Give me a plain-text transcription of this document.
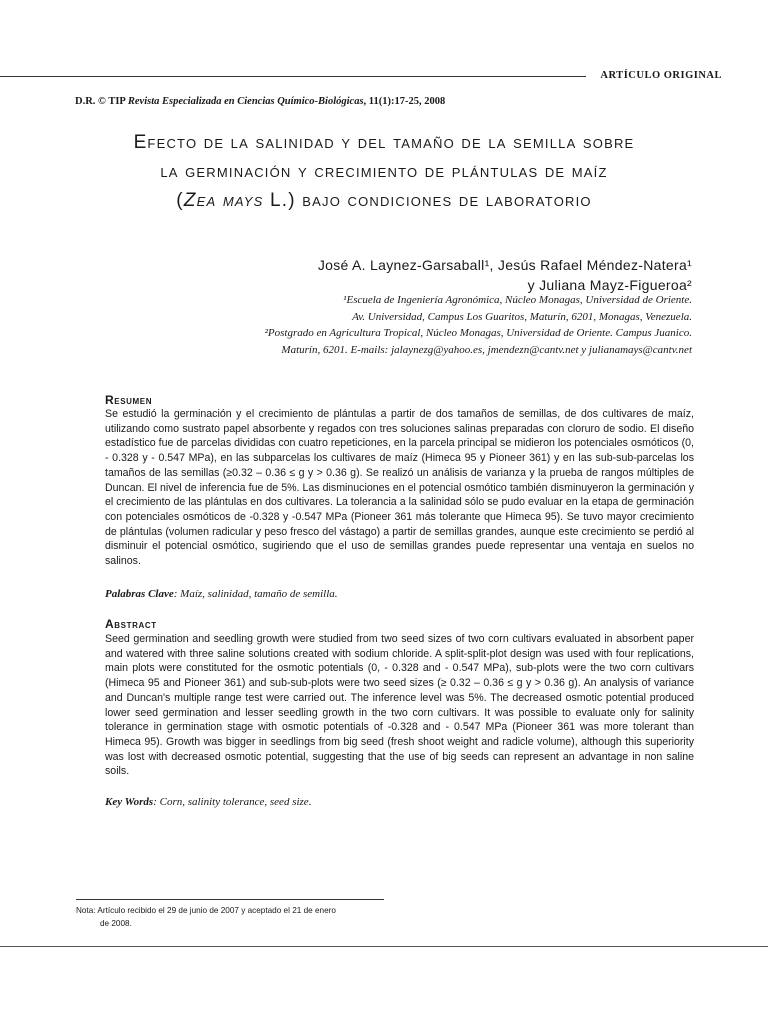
ARTÍCULO ORIGINAL
D.R. © TIP Revista Especializada en Ciencias Químico-Biológicas, 11(1):17-25, 2008
Efecto de la salinidad y del tamaño de la semilla sobre
la germinación y crecimiento de plántulas de maíz
(Zea mays L.) bajo condiciones de laboratorio
José A. Laynez-Garsaball¹, Jesús Rafael Méndez-Natera¹
y Juliana Mayz-Figueroa²
¹Escuela de Ingeniería Agronómica, Núcleo Monagas, Universidad de Oriente.
Av. Universidad, Campus Los Guaritos, Maturín, 6201, Monagas, Venezuela.
²Postgrado en Agricultura Tropical, Núcleo Monagas, Universidad de Oriente. Campus Juanico.
Maturín, 6201. E-mails: jalaynezg@yahoo.es, jmendezn@cantv.net y julianamays@cantv.net
Resumen
Se estudió la germinación y el crecimiento de plántulas a partir de dos tamaños de semillas, de dos cultivares de maíz, utilizando como sustrato papel absorbente y regados con tres soluciones salinas preparadas con cloruro de sodio. El diseño estadístico fue de parcelas divididas con cuatro repeticiones, en la parcela principal se midieron los potenciales osmóticos (0, - 0.328 y - 0.547 MPa), en las subparcelas los cultivares de maíz (Himeca 95 y Pioneer 361) y en las sub-sub-parcelas los tamaños de las semillas (≥0.32 – 0.36 ≤ g y > 0.36 g). Se realizó un análisis de varianza y la prueba de rangos múltiples de Duncan. El nivel de inferencia fue de 5%. Las disminuciones en el potencial osmótico también disminuyeron la germinación y el crecimiento de las plántulas en dos cultivares. La tolerancia a la salinidad sólo se pudo evaluar en la etapa de germinación con potenciales osmóticos de -0.328 y -0.547 MPa (Pioneer 361 más tolerante que Himeca 95). Se tuvo mayor crecimiento de plántulas (volumen radicular y peso fresco del vástago) a partir de semillas grandes, aunque este crecimiento se perdió al disminuir el potencial osmótico, sugiriendo que el uso de semillas grandes puede representar una ventaja en suelos no salinos.
Palabras Clave: Maíz, salinidad, tamaño de semilla.
Abstract
Seed germination and seedling growth were studied from two seed sizes of two corn cultivars evaluated in absorbent paper and watered with three saline solutions created with sodium chloride. A split-split-plot design was used with four replications, main plots were constituted for the osmotic potentials (0, - 0.328 and - 0.547 MPa), sub-plots were the two corn cultivars (Himeca 95 and Pioneer 361) and sub-sub-plots were two seed sizes (≥ 0.32 – 0.36 ≤ g y > 0.36 g). An analysis of variance and Duncan's multiple range test were carried out. The inference level was 5%. The decreased osmotic potential produced lower seed germination and lesser seedling growth in the two corn cultivars. It was possible to evaluate only for salinity tolerance in germination stage with osmotic potentials of -0.328 and - 0.547 MPa (Pioneer 361 was more tolerant than Himeca 95). Growth was bigger in seedlings from big seed (fresh shoot weight and radicle volume), although this superiority was lost with decreased osmotic potential, suggesting that the use of big seeds can represent an advantage in non saline soils.
Key Words: Corn, salinity tolerance, seed size.
Nota: Artículo recibido el 29 de junio de 2007 y aceptado el 21 de enero
de 2008.
